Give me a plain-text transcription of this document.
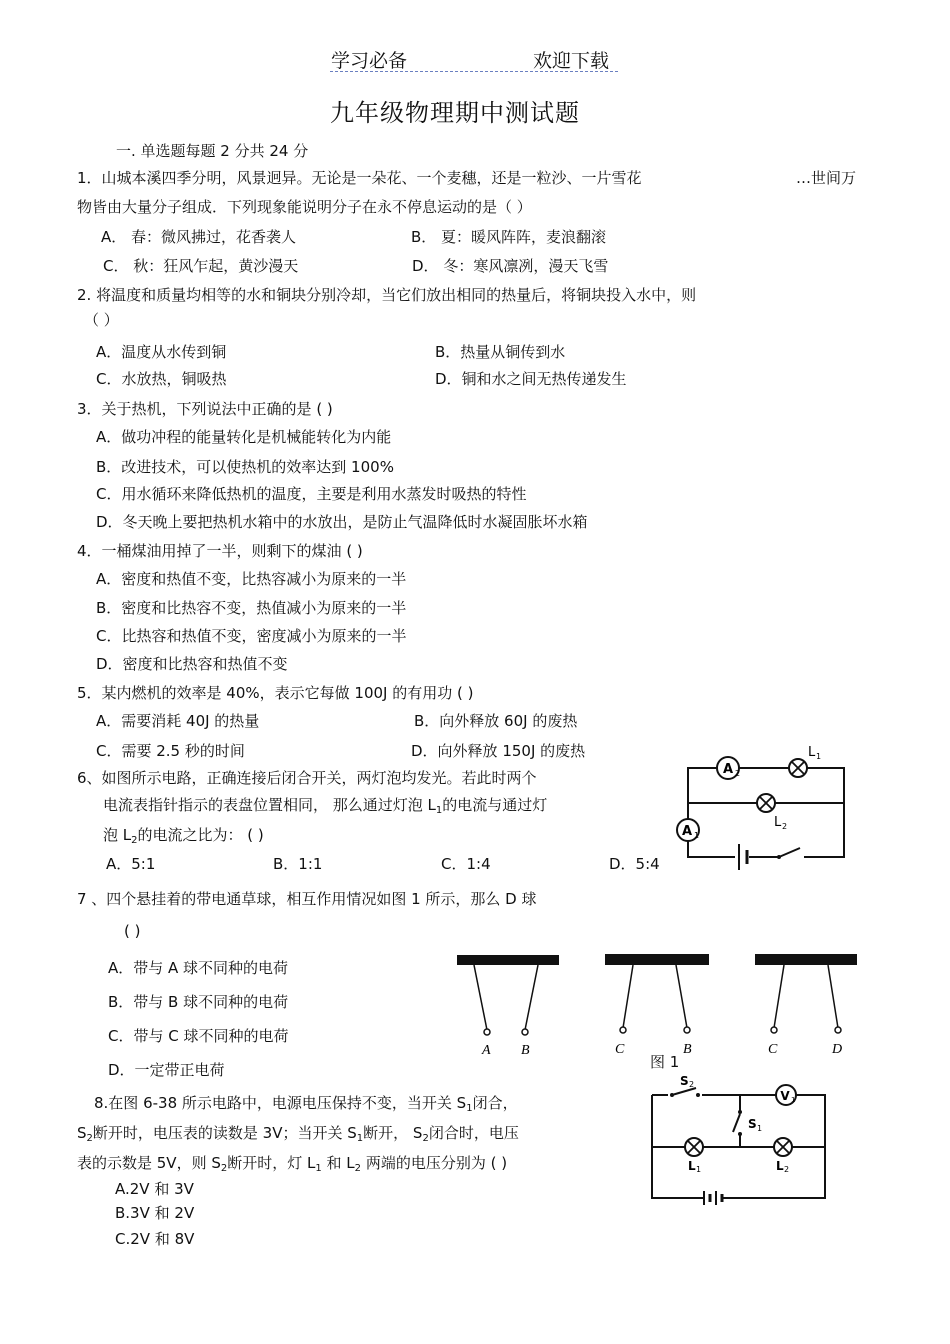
学习必备	欢迎下载
九年级物理期中测试题
一. 单选题每题 2 分共 24 分
1．山城本溪四季分明，风景迥异。无论是一朵花、一个麦穗，还是一粒沙、一片雪花	…世间万
物皆由大量分子组成．下列现象能说明分子在永不停息运动的是（ ）
A． 春：微风拂过，花香袭人	B． 夏：暖风阵阵，麦浪翻滚
C． 秋：狂风乍起，黄沙漫天	D． 冬：寒风凛冽，漫天飞雪
2. 将温度和质量均相等的水和铜块分别冷却，当它们放出相同的热量后，将铜块投入水中，则
（ ）
A．温度从水传到铜	B．热量从铜传到水
C．水放热，铜吸热	D．铜和水之间无热传递发生
3．关于热机，下列说法中正确的是 ( )
A．做功冲程的能量转化是机械能转化为内能
B．改进技术，可以使热机的效率达到 100%
C．用水循环来降低热机的温度，主要是利用水蒸发时吸热的特性
D．冬天晚上要把热机水箱中的水放出，是防止气温降低时水凝固胀坏水箱
4．一桶煤油用掉了一半，则剩下的煤油 ( )
A．密度和热值不变，比热容减小为原来的一半
B．密度和比热容不变，热值减小为原来的一半
C．比热容和热值不变，密度减小为原来的一半
D．密度和比热容和热值不变
5．某内燃机的效率是 40%，表示它每做 100J 的有用功 ( )
A．需要消耗 40J 的热量	B．向外释放 60J 的废热
C．需要 2.5 秒的时间	D．向外释放 150J 的废热
6、如图所示电路，正确连接后闭合开关，两灯泡均发光。若此时两个
电流表指针指示的表盘位置相同， 那么通过灯泡 $L_1$的电流与通过灯
泡 $L_2$的电流之比为： ( )
A．5:1	B．1:1	C．1:4	D．5:4
A 2
L 1
L 2
A 1
7 、四个悬挂着的带电通草球，相互作用情况如图 1 所示，那么 D 球
( )
A．带与 A 球不同种的电荷
B．带与 B 球不同种的电荷
C．带与 C 球不同种的电荷
D．一定带正电荷
A B	C	B	C	D
图 1
8.在图 6-38 所示电路中，电源电压保持不变，当开关 $S_1$闭合，
$S_2$断开时，电压表的读数是 3V；当开关 $S_1$断开， $S_2$闭合时，电压
表的示数是 5V，则 $S_2$断开时，灯 $L_1$ 和 $L_2$ 两端的电压分别为 ( )
A.2V 和 3V
B.3V 和 2V
C.2V 和 8V
S 2
S 1
V 1
L 1	L 2
